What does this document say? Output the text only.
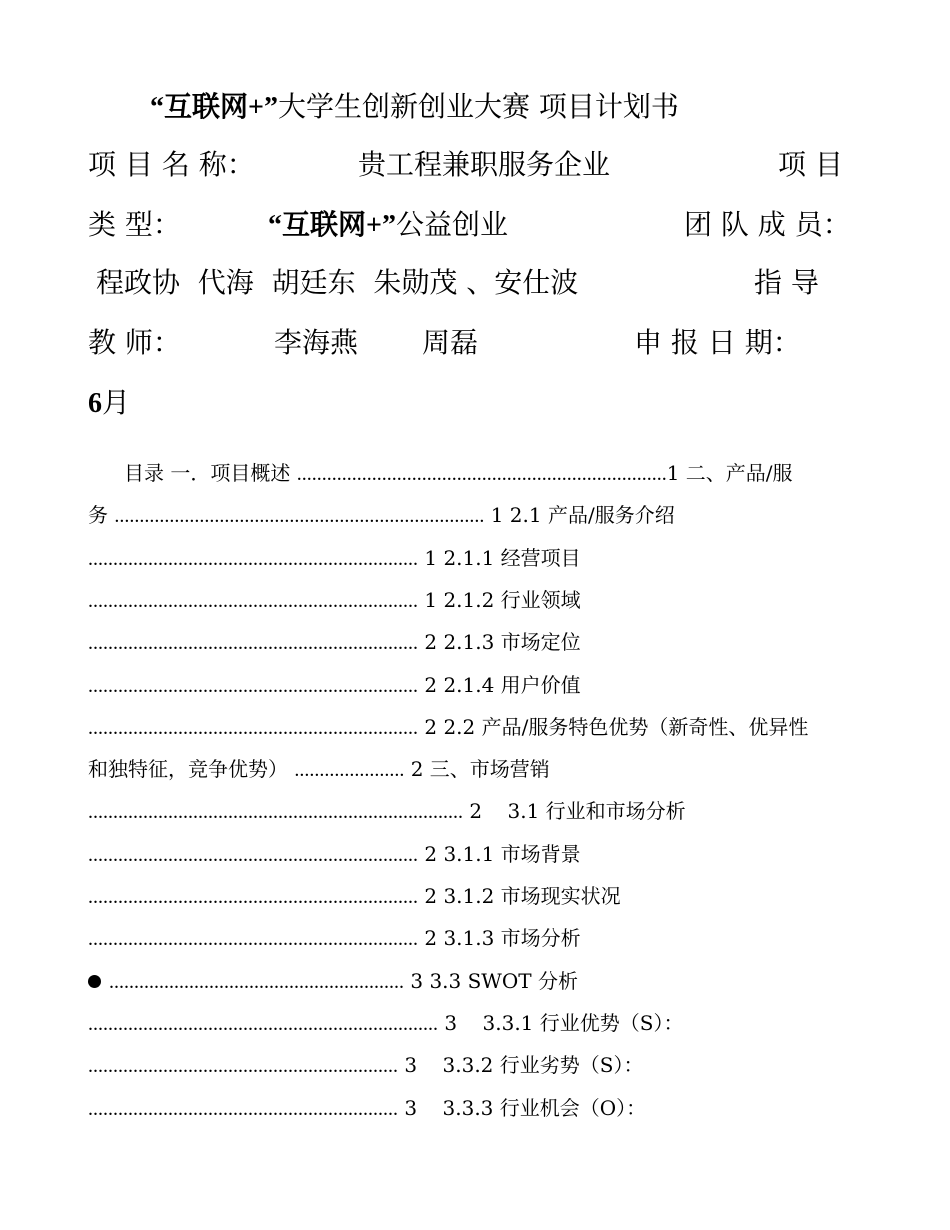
“互联网+”大学生创新创业大赛 项目计划书
项 目 名 称：	贵工程兼职服务企业	项 目
类 型：	“互联网+”公益创业	团 队 成 员：
程政协  代海  胡廷东  朱勋茂 、安仕波	指 导
教 师：	李海燕 周磊	申 报 日 期：
6月
目录 一．项目概述 ..........................................................................1 二、产品/服
务 .......................................................................... 1 2.1 产品/服务介绍
.................................................................. 1 2.1.1 经营项目
.................................................................. 1 2.1.2 行业领域
.................................................................. 2 2.1.3 市场定位
.................................................................. 2 2.1.4 用户价值
.................................................................. 2 2.2 产品/服务特色优势（新奇性、优异性
和独特征，竞争优势） ...................... 2 三、市场营销
........................................................................... 2    3.1 行业和市场分析
.................................................................. 2 3.1.1 市场背景
.................................................................. 2 3.1.2 市场现实状况
.................................................................. 2 3.1.3 市场分析
........................................................... 3 3.3 SWOT 分析
...................................................................... 3    3.3.1 行业优势（S）：
.............................................................. 3    3.3.2 行业劣势（S）：
.............................................................. 3    3.3.3 行业机会（O）：
